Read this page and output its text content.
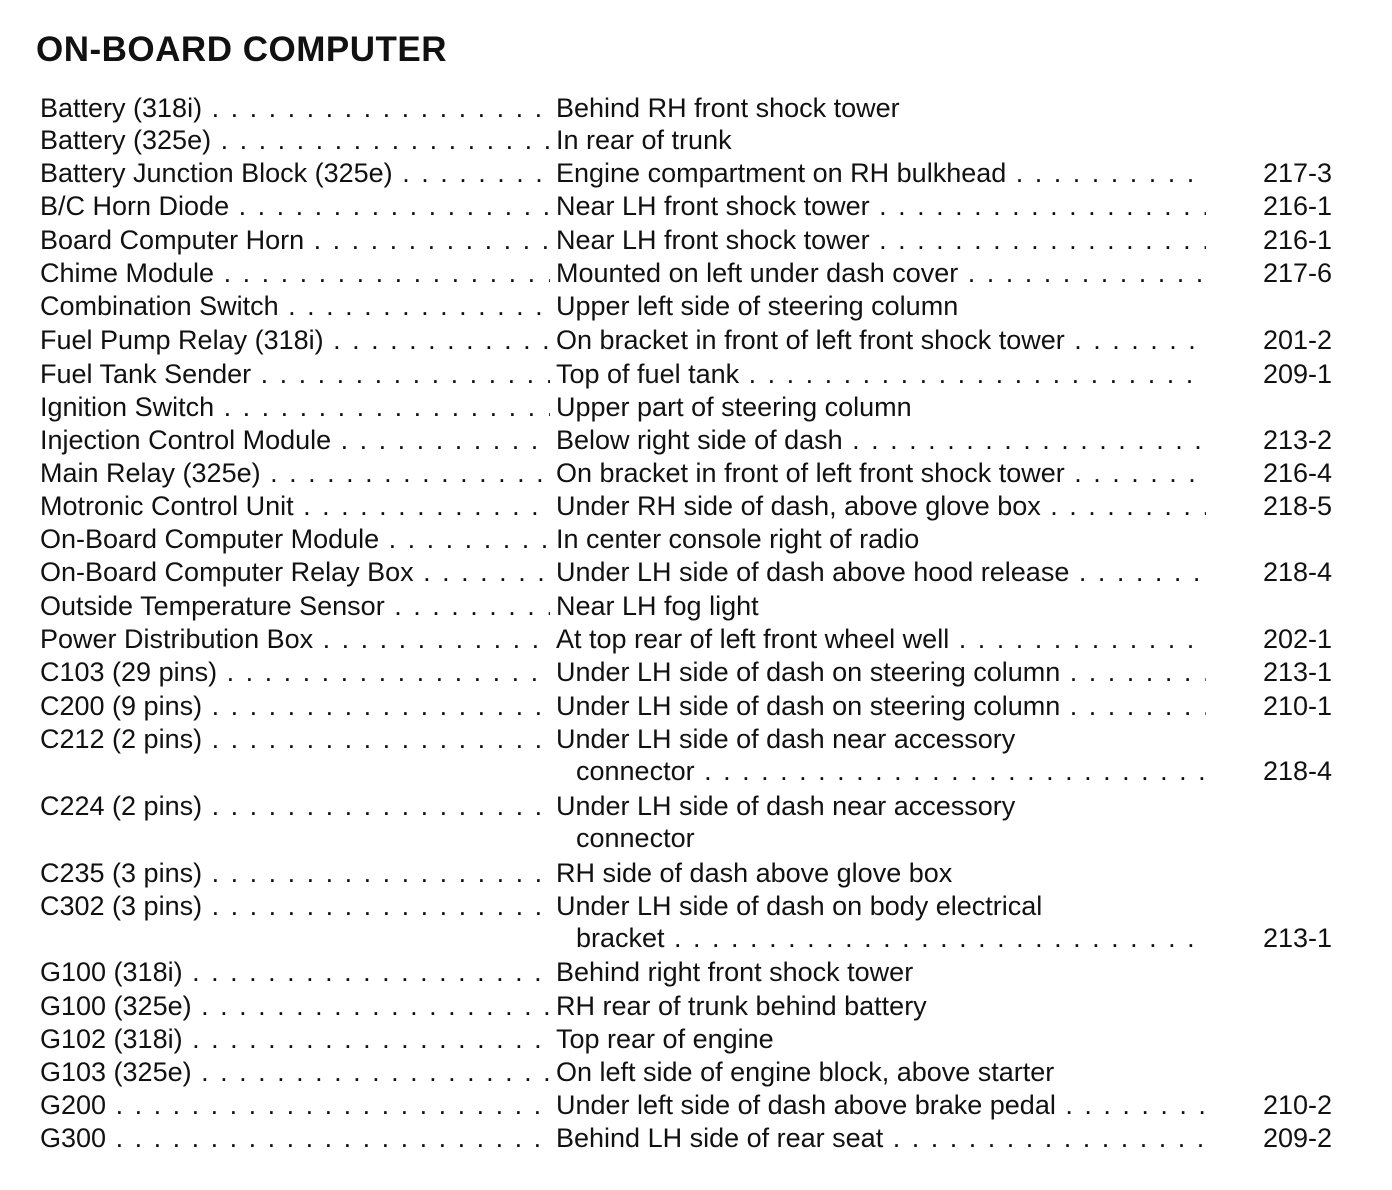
ON-BOARD COMPUTER
Battery (318i) . . .	Behind RH front shock tower
Battery (325e) . . .	In rear of trunk
Battery Junction Block (325e) . . .	Engine compartment on RH bulkhead . . .	217-3
B/C Horn Diode . . .	Near LH front shock tower . . .	216-1
Board Computer Horn . . .	Near LH front shock tower . . .	216-1
Chime Module . . .	Mounted on left under dash cover . . .	217-6
Combination Switch . . .	Upper left side of steering column
Fuel Pump Relay (318i) . . .	On bracket in front of left front shock tower . . .	201-2
Fuel Tank Sender . . .	Top of fuel tank . . .	209-1
Ignition Switch . . .	Upper part of steering column
Injection Control Module . . .	Below right side of dash . . .	213-2
Main Relay (325e) . . .	On bracket in front of left front shock tower . . .	216-4
Motronic Control Unit . . .	Under RH side of dash, above glove box . . .	218-5
On-Board Computer Module . . .	In center console right of radio
On-Board Computer Relay Box . . .	Under LH side of dash above hood release . . .	218-4
Outside Temperature Sensor . . .	Near LH fog light
Power Distribution Box . . .	At top rear of left front wheel well . . .	202-1
C103 (29 pins) . . .	Under LH side of dash on steering column . . .	213-1
C200 (9 pins) . . .	Under LH side of dash on steering column . . .	210-1
C212 (2 pins) . . .	Under LH side of dash near accessory
connector . . .	218-4
C224 (2 pins) . . .	Under LH side of dash near accessory
connector
C235 (3 pins) . . .	RH side of dash above glove box
C302 (3 pins) . . .	Under LH side of dash on body electrical
bracket . . .	213-1
G100 (318i) . . .	Behind right front shock tower
G100 (325e) . . .	RH rear of trunk behind battery
G102 (318i) . . .	Top rear of engine
G103 (325e) . . .	On left side of engine block, above starter
G200 . . .	Under left side of dash above brake pedal . . .	210-2
G300 . . .	Behind LH side of rear seat . . .	209-2
